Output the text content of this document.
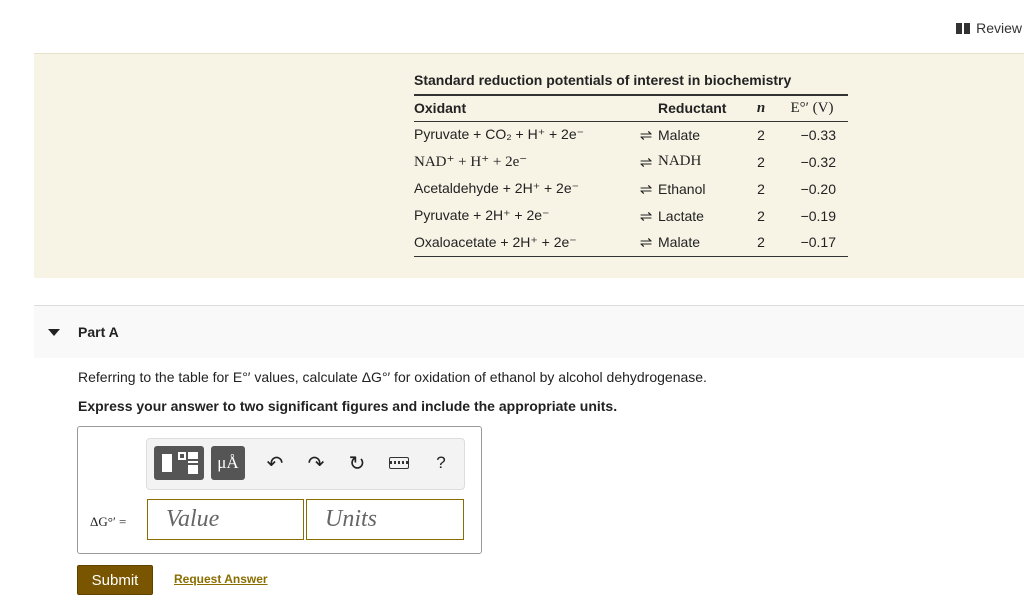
Review
Standard reduction potentials of interest in biochemistry
Oxidant		Reductant	n	E°′ (V)
Pyruvate + CO₂ + H⁺ + 2e⁻	⇌	Malate	2	−0.33
NAD⁺ + H⁺ + 2e⁻	⇌	NADH	2	−0.32
Acetaldehyde + 2H⁺ + 2e⁻	⇌	Ethanol	2	−0.20
Pyruvate + 2H⁺ + 2e⁻	⇌	Lactate	2	−0.19
Oxaloacetate + 2H⁺ + 2e⁻	⇌	Malate	2	−0.17
Part A
Referring to the table for E°′ values, calculate ΔG°′ for oxidation of ethanol by alcohol dehydrogenase.
Express your answer to two significant figures and include the appropriate units.
μÅ	↶ ↷ ↻	?
ΔG°′ =
Value
Units
Submit	Request Answer
